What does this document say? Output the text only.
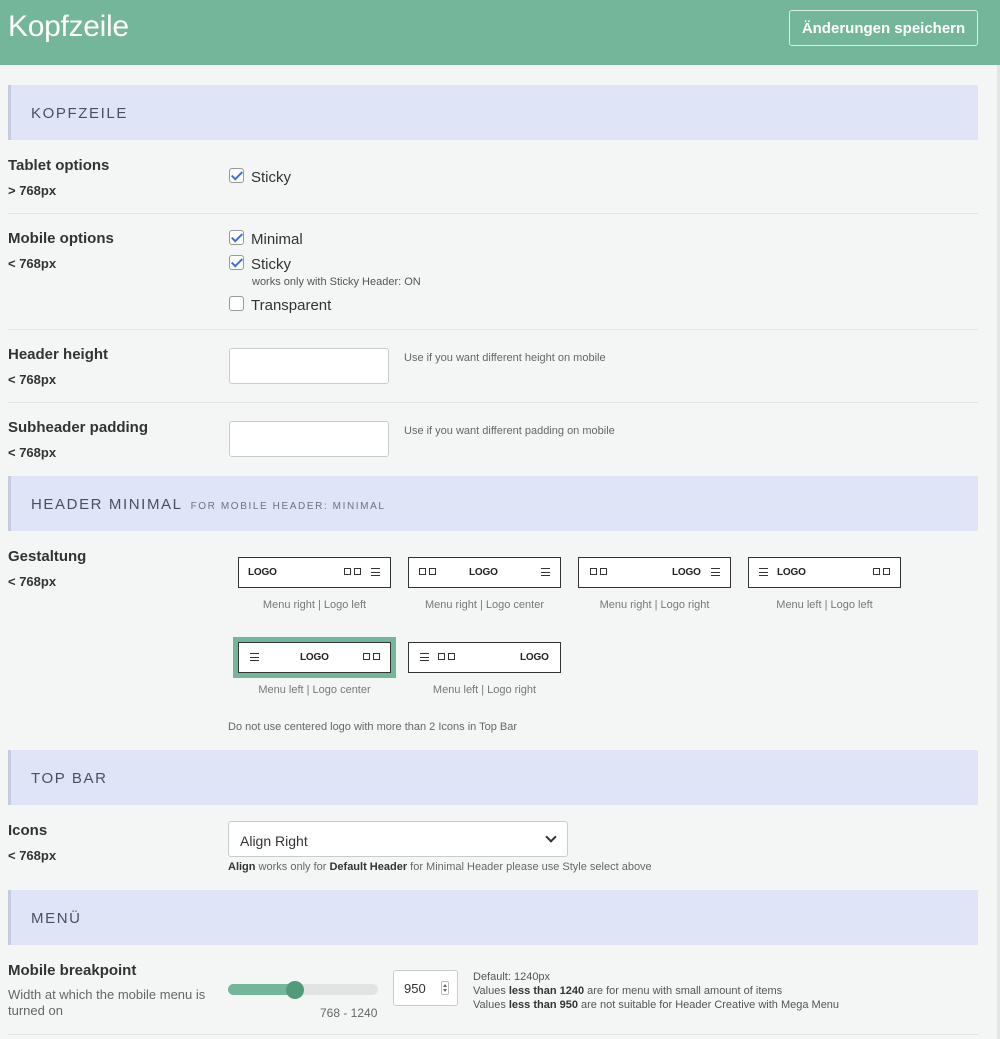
Kopfzeile	Änderungen speichern
KOPFZEILE
Tablet options
> 768px
Sticky
Mobile options
< 768px
Minimal
Sticky
works only with Sticky Header: ON
Transparent
Header height
< 768px
Use if you want different height on mobile
Subheader padding
< 768px
Use if you want different padding on mobile
HEADER MINIMAL FOR MOBILE HEADER: MINIMAL
Gestaltung
< 768px
LOGO
Menu right | Logo left
LOGO
Menu right | Logo center
LOGO
Menu right | Logo right
LOGO
Menu left | Logo left
LOGO
Menu left | Logo center
LOGO
Menu left | Logo right
Do not use centered logo with more than 2 Icons in Top Bar
TOP BAR
Icons
< 768px
Align Right
Align works only for Default Header for Minimal Header please use Style select above
MENÜ
Mobile breakpoint
Width at which the mobile menu is turned on	768 - 1240
950
Default: 1240px
Values less than 1240 are for menu with small amount of items
Values less than 950 are not suitable for Header Creative with Mega Menu
